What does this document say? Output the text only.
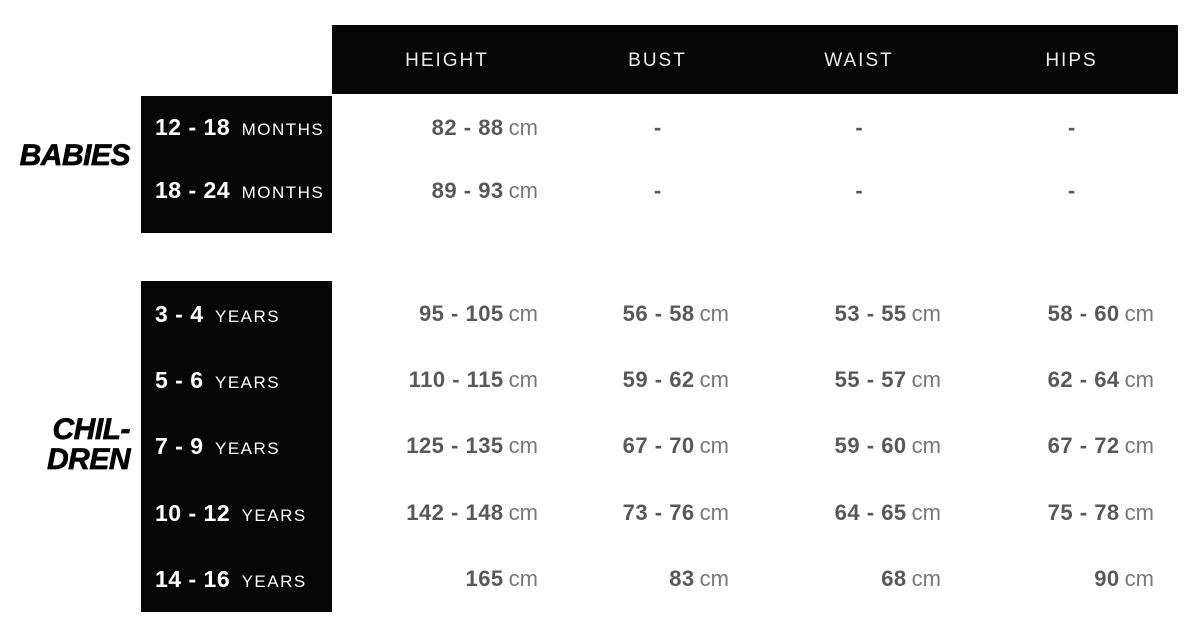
HEIGHT	BUST	WAIST	HIPS
BABIES
CHIL-
DREN
12 - 18 MONTHS	82 - 88 cm	-	-	-
18 - 24 MONTHS	89 - 93 cm	-	-	-
3 - 4 YEARS	95 - 105 cm	56 - 58 cm	53 - 55 cm	58 - 60 cm
5 - 6 YEARS	110 - 115 cm	59 - 62 cm	55 - 57 cm	62 - 64 cm
7 - 9 YEARS	125 - 135 cm	67 - 70 cm	59 - 60 cm	67 - 72 cm
10 - 12 YEARS	142 - 148 cm	73 - 76 cm	64 - 65 cm	75 - 78 cm
14 - 16 YEARS	165 cm	83 cm	68 cm	90 cm
